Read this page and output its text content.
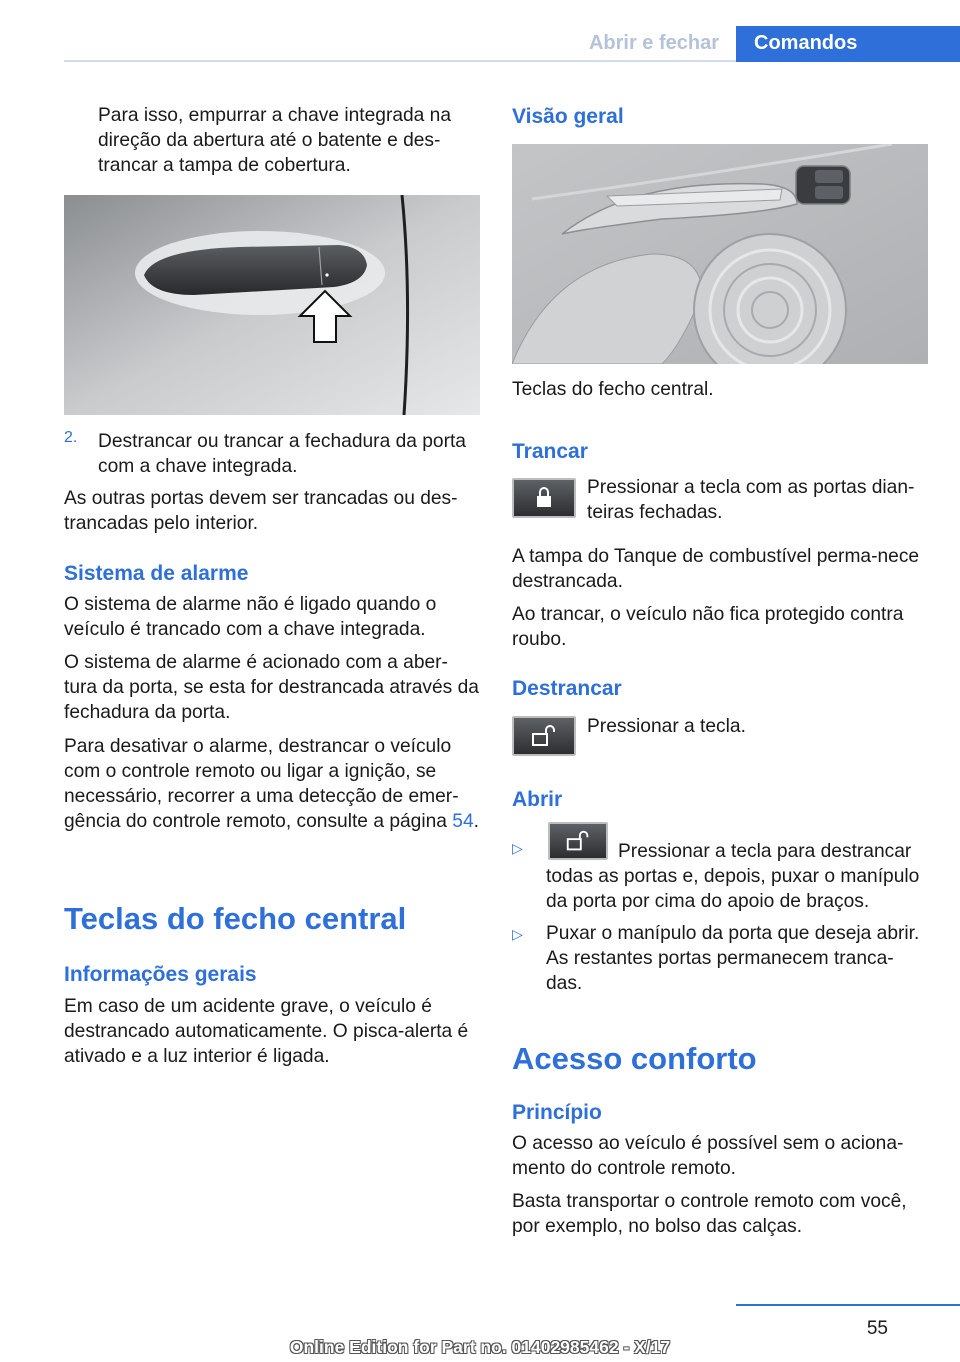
Abrir e fechar	Comandos

Para isso, empurrar a chave integrada na direção da abertura até o batente e des-trancar a tampa de cobertura.

2. Destrancar ou trancar a fechadura da porta com a chave integrada.

As outras portas devem ser trancadas ou des-trancadas pelo interior.

Sistema de alarme

O sistema de alarme não é ligado quando o veículo é trancado com a chave integrada.

O sistema de alarme é acionado com a aber-tura da porta, se esta for destrancada através da fechadura da porta.

Para desativar o alarme, destrancar o veículo com o controle remoto ou ligar a ignição, se necessário, recorrer a uma detecção de emer-gência do controle remoto, consulte a página 54.

Teclas do fecho central
Informações gerais

Em caso de um acidente grave, o veículo é destrancado automaticamente. O pisca-alerta é ativado e a luz interior é ligada.

Visão geral

Teclas do fecho central.

Trancar

Pressionar a tecla com as portas dian-teiras fechadas.

A tampa do Tanque de combustível perma-nece destrancada.

Ao trancar, o veículo não fica protegido contra roubo.

Destrancar

Pressionar a tecla.

Abrir
▷	Pressionar a tecla para destrancar todas as portas e, depois, puxar o manípulo da porta por cima do apoio de braços.

▷ Puxar o manípulo da porta que deseja abrir. As restantes portas permanecem tranca-das.

Acesso conforto
Princípio

O acesso ao veículo é possível sem o aciona-mento do controle remoto.

Basta transportar o controle remoto com você, por exemplo, no bolso das calças.

55
Online Edition for Part no. 01402985462 - X/17
